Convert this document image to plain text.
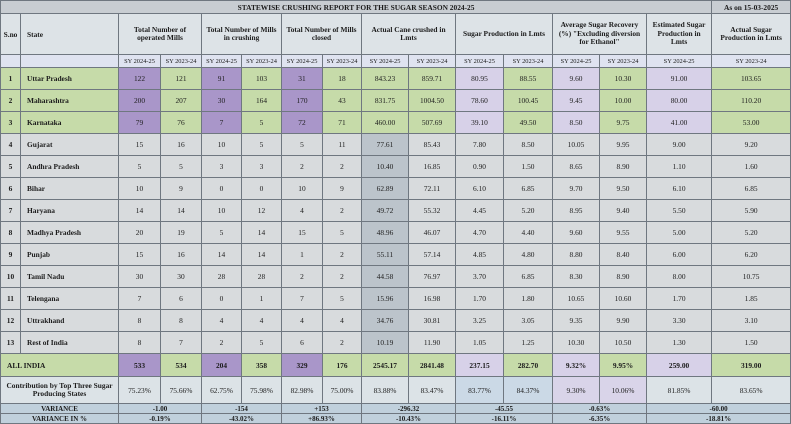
STATEWISE CRUSHING REPORT FOR THE SUGAR SEASON 2024-25															As on 15-03-2025
S.no	State	Total Number of operated Mills		Total Number of Mills in crushing		Total Number of Mills closed		Actual Cane crushed in Lmts		Sugar Production in Lmts		Average Sugar Recovery (%) "Excluding diversion for Ethanol"		Estimated Sugar Production in Lmts	Actual Sugar Production in Lmts
		SY 2024-25	SY 2023-24	SY 2024-25	SY 2023-24	SY 2024-25	SY 2023-24	SY 2024-25	SY 2023-24	SY 2024-25	SY 2023-24	SY 2024-25	SY 2023-24	SY 2024-25	SY 2023-24
1	Uttar Pradesh	122	121	91	103	31	18	843.23	859.71	80.95	88.55	9.60	10.30	91.00	103.65
2	Maharashtra	200	207	30	164	170	43	831.75	1004.50	78.60	100.45	9.45	10.00	80.00	110.20
3	Karnataka	79	76	7	5	72	71	460.00	507.69	39.10	49.50	8.50	9.75	41.00	53.00
4	Gujarat	15	16	10	5	5	11	77.61	85.43	7.80	8.50	10.05	9.95	9.00	9.20
5	Andhra Pradesh	5	5	3	3	2	2	10.40	16.85	0.90	1.50	8.65	8.90	1.10	1.60
6	Bihar	10	9	0	0	10	9	62.89	72.11	6.10	6.85	9.70	9.50	6.10	6.85
7	Haryana	14	14	10	12	4	2	49.72	55.32	4.45	5.20	8.95	9.40	5.50	5.90
8	Madhya Pradesh	20	19	5	14	15	5	48.96	46.07	4.70	4.40	9.60	9.55	5.00	5.20
9	Punjab	15	16	14	14	1	2	55.11	57.14	4.85	4.80	8.80	8.40	6.00	6.20
10	Tamil Nadu	30	30	28	28	2	2	44.58	76.97	3.70	6.85	8.30	8.90	8.00	10.75
11	Telengana	7	6	0	1	7	5	15.96	16.98	1.70	1.80	10.65	10.60	1.70	1.85
12	Uttrakhand	8	8	4	4	4	4	34.76	30.81	3.25	3.05	9.35	9.90	3.30	3.10
13	Rest of India	8	7	2	5	6	2	10.19	11.90	1.05	1.25	10.30	10.50	1.30	1.50
ALL INDIA		533	534	204	358	329	176	2545.17	2841.48	237.15	282.70	9.32%	9.95%	259.00	319.00
Contribution by Top Three Sugar Producing States		75.23%	75.66%	62.75%	75.98%	82.98%	75.00%	83.88%	83.47%	83.77%	84.37%	9.30%	10.06%	81.85%	83.65%
VARIANCE		-1.00		-154		+153		-296.32		-45.55		-0.63%		-60.00	
VARIANCE IN %		-0.19%		-43.02%		+86.93%		-10.43%		-16.11%		-6.35%		-18.81%	
